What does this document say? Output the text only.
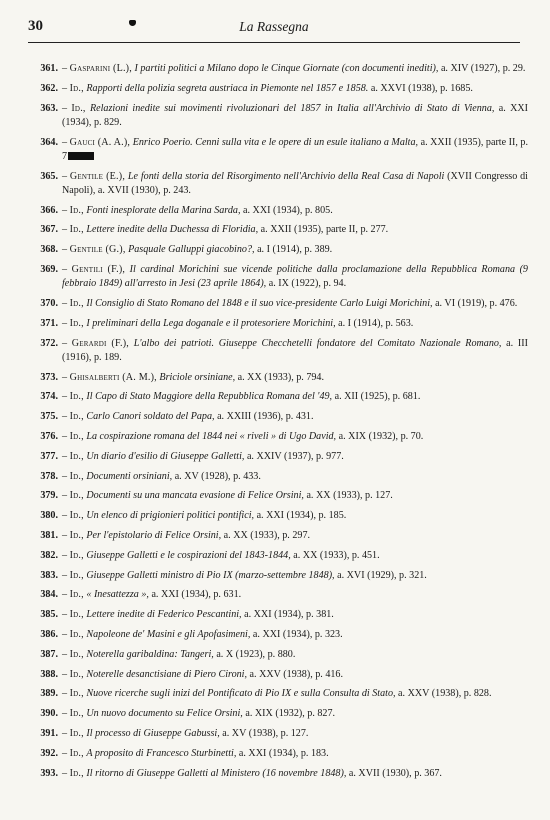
30	La Rassegna
361. – Gasparini (L.), I partiti politici a Milano dopo le Cinque Giornate (con documenti inediti), a. XIV (1927), p. 29.
362. – Id., Rapporti della polizia segreta austriaca in Piemonte nel 1857 e 1858. a. XXVI (1938), p. 1685.
363. – Id., Relazioni inedite sui movimenti rivoluzionari del 1857 in Italia all'Archivio di Stato di Vienna, a. XXI (1934), p. 829.
364. – Gauci (A. A.), Enrico Poerio. Cenni sulla vita e le opere di un esule italiano a Malta, a. XXII (1935), parte II, p. 7
365. – Gentile (E.), Le fonti della storia del Risorgimento nell'Archivio della Real Casa di Napoli (XVII Congresso di Napoli), a. XVII (1930), p. 243.
366. – Id., Fonti inesplorate della Marina Sarda, a. XXI (1934), p. 805.
367. – Id., Lettere inedite della Duchessa di Floridia, a. XXII (1935), parte II, p. 277.
368. – Gentile (G.), Pasquale Galluppi giacobino?, a. I (1914), p. 389.
369. – Gentili (F.), Il cardinal Morichini sue vicende politiche dalla proclamazione della Repubblica Romana (9 febbraio 1849) all'arresto in Jesi (23 aprile 1864), a. IX (1922), p. 94.
370. – Id., Il Consiglio di Stato Romano del 1848 e il suo vice-presidente Carlo Luigi Morichini, a. VI (1919), p. 476.
371. – Id., I preliminari della Lega doganale e il protesoriere Morichini, a. I (1914), p. 563.
372. – Gerardi (F.), L'albo dei patrioti. Giuseppe Checchetelli fondatore del Comitato Nazionale Romano, a. III (1916), p. 189.
373. – Ghisalberti (A. M.), Briciole orsiniane, a. XX (1933), p. 794.
374. – Id., Il Capo di Stato Maggiore della Repubblica Romana del '49, a. XII (1925), p. 681.
375. – Id., Carlo Canori soldato del Papa, a. XXIII (1936), p. 431.
376. – Id., La cospirazione romana del 1844 nei « riveli » di Ugo David, a. XIX (1932), p. 70.
377. – Id., Un diario d'esilio di Giuseppe Galletti, a. XXIV (1937), p. 977.
378. – Id., Documenti orsiniani, a. XV (1928), p. 433.
379. – Id., Documenti su una mancata evasione di Felice Orsini, a. XX (1933), p. 127.
380. – Id., Un elenco di prigionieri politici pontifici, a. XXI (1934), p. 185.
381. – Id., Per l'epistolario di Felice Orsini, a. XX (1933), p. 297.
382. – Id., Giuseppe Galletti e le cospirazioni del 1843-1844, a. XX (1933), p. 451.
383. – Id., Giuseppe Galletti ministro di Pio IX (marzo-settembre 1848), a. XVI (1929), p. 321.
384. – Id., « Inesattezza », a. XXI (1934), p. 631.
385. – Id., Lettere inedite di Federico Pescantini, a. XXI (1934), p. 381.
386. – Id., Napoleone de' Masini e gli Apofasimeni, a. XXI (1934), p. 323.
387. – Id., Noterella garibaldina: Tangeri, a. X (1923), p. 880.
388. – Id., Noterelle desanctisiane di Piero Cironi, a. XXV (1938), p. 416.
389. – Id., Nuove ricerche sugli inizi del Pontificato di Pio IX e sulla Consulta di Stato, a. XXV (1938), p. 828.
390. – Id., Un nuovo documento su Felice Orsini, a. XIX (1932), p. 827.
391. – Id., Il processo di Giuseppe Gabussi, a. XV (1938), p. 127.
392. – Id., A proposito di Francesco Sturbinetti, a. XXI (1934), p. 183.
393. – Id., Il ritorno di Giuseppe Galletti al Ministero (16 novembre 1848), a. XVII (1930), p. 367.
